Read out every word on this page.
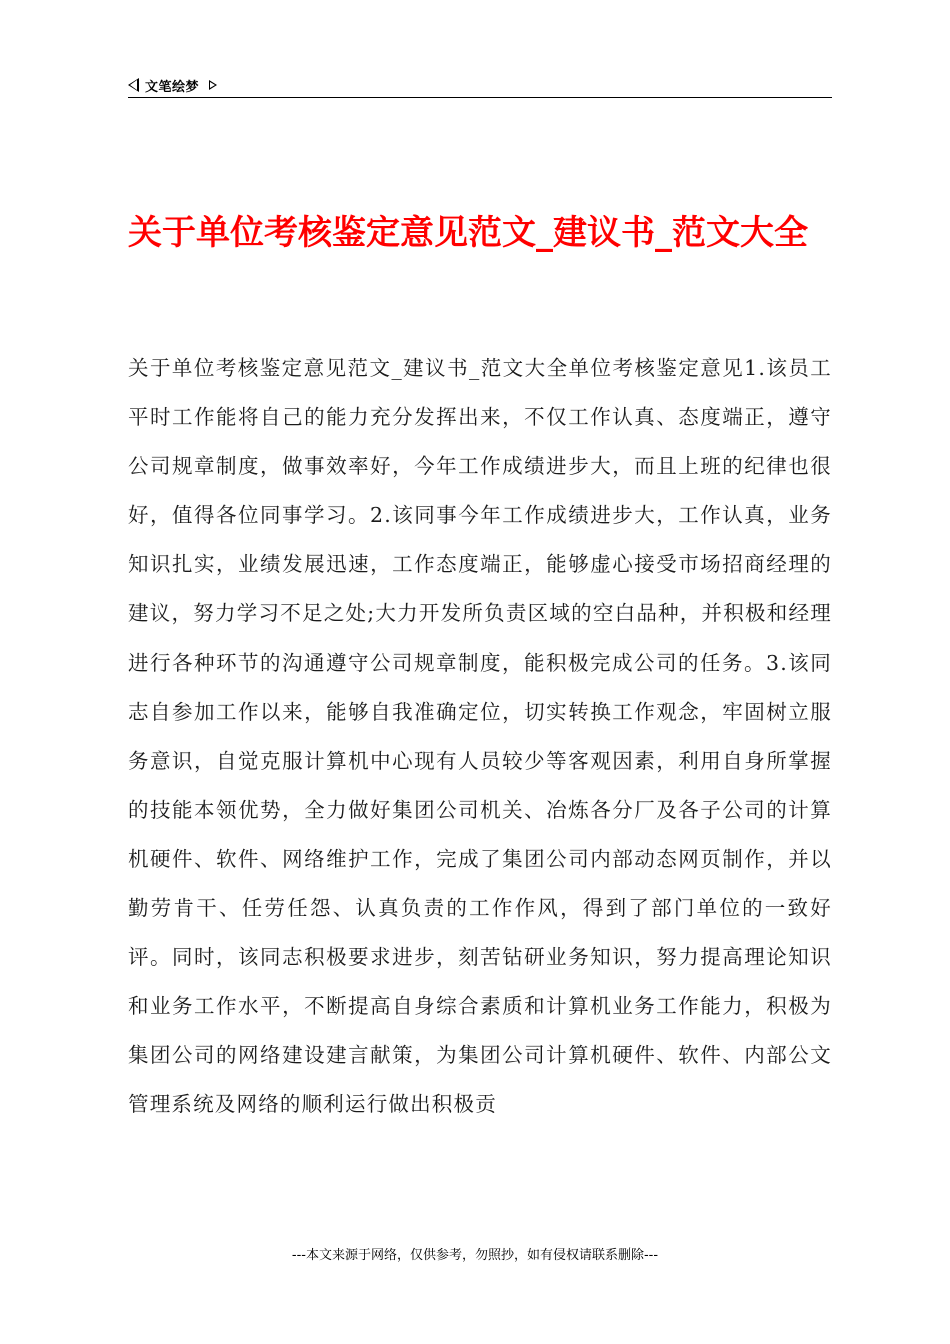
文笔绘梦
关于单位考核鉴定意见范文_建议书_范文大全

关于单位考核鉴定意见范文_建议书_范文大全单位考核鉴定意见1.该员工平时工作能将自己的能力充分发挥出来，不仅工作认真、态度端正，遵守公司规章制度，做事效率好，今年工作成绩进步大，而且上班的纪律也很好，值得各位同事学习。2.该同事今年工作成绩进步大，工作认真，业务知识扎实，业绩发展迅速，工作态度端正，能够虚心接受市场招商经理的建议，努力学习不足之处;大力开发所负责区域的空白品种，并积极和经理进行各种环节的沟通遵守公司规章制度，能积极完成公司的任务。3.该同志自参加工作以来，能够自我准确定位，切实转换工作观念，牢固树立服务意识，自觉克服计算机中心现有人员较少等客观因素，利用自身所掌握的技能本领优势，全力做好集团公司机关、冶炼各分厂及各子公司的计算机硬件、软件、网络维护工作，完成了集团公司内部动态网页制作，并以勤劳肯干、任劳任怨、认真负责的工作作风，得到了部门单位的一致好评。同时，该同志积极要求进步，刻苦钻研业务知识，努力提高理论知识和业务工作水平，不断提高自身综合素质和计算机业务工作能力，积极为集团公司的网络建设建言献策，为集团公司计算机硬件、软件、内部公文管理系统及网络的顺利运行做出积极贡

---本文来源于网络，仅供参考，勿照抄，如有侵权请联系删除---
